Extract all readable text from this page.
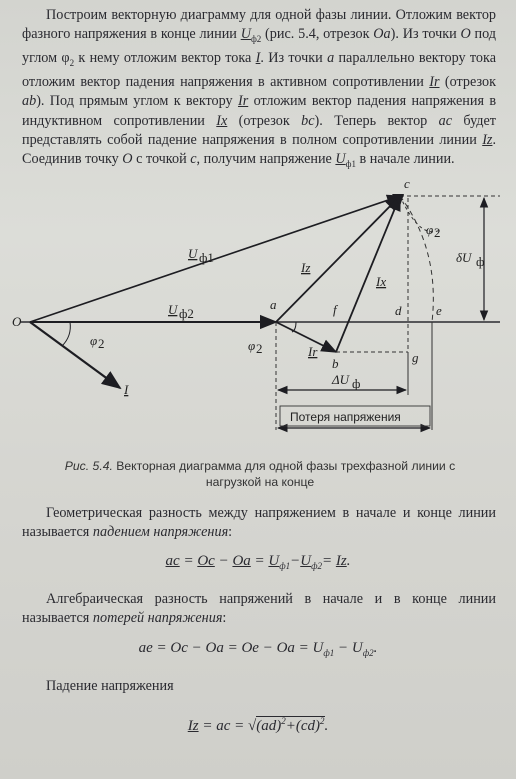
Построим векторную диаграмму для одной фазы линии. Отложим вектор фазного напряжения в конце линии $U_{ф2}$ (рис. 5.4, отрезок Oa). Из точки O под углом $\varphi_2$ к нему отложим вектор тока I. Из точки a параллельно вектору тока отложим вектор падения напряжения в активном сопротивлении Ir (отрезок ab). Под прямым углом к вектору Ir отложим вектор падения напряжения в индуктивном сопротивлении Ix (отрезок bc). Теперь вектор ac будет представлять собой падение напряжения в полном сопротивлении линии Iz. Соединив точку O с точкой c, получим напряжение $U_{ф1}$ в начале линии.

O
a
b
c
d	e
f
g
I
U ф1
U ф2
Iz
Ix
Ir
φ 2	φ 2
φ 2
δU ф
ΔU ф
Потеря напряжения
Рис. 5.4. Векторная диаграмма для одной фазы трехфазной линии с нагрузкой на конце

Геометрическая разность между напряжением в начале и конце линии называется падением напряжения:

ac = $Oc - Oa = U_{ф1}-U_{ф2}= Iz$.

Алгебраическая разность напряжений в начале и в конце линии называется потерей напряжения:

ae = $Oc - Oa = Oe - Oa = U_{ф1} - U_{ф2}$.

Падение напряжения

Iz = ac = √(ad)$^2$+(cd)$^2$.
